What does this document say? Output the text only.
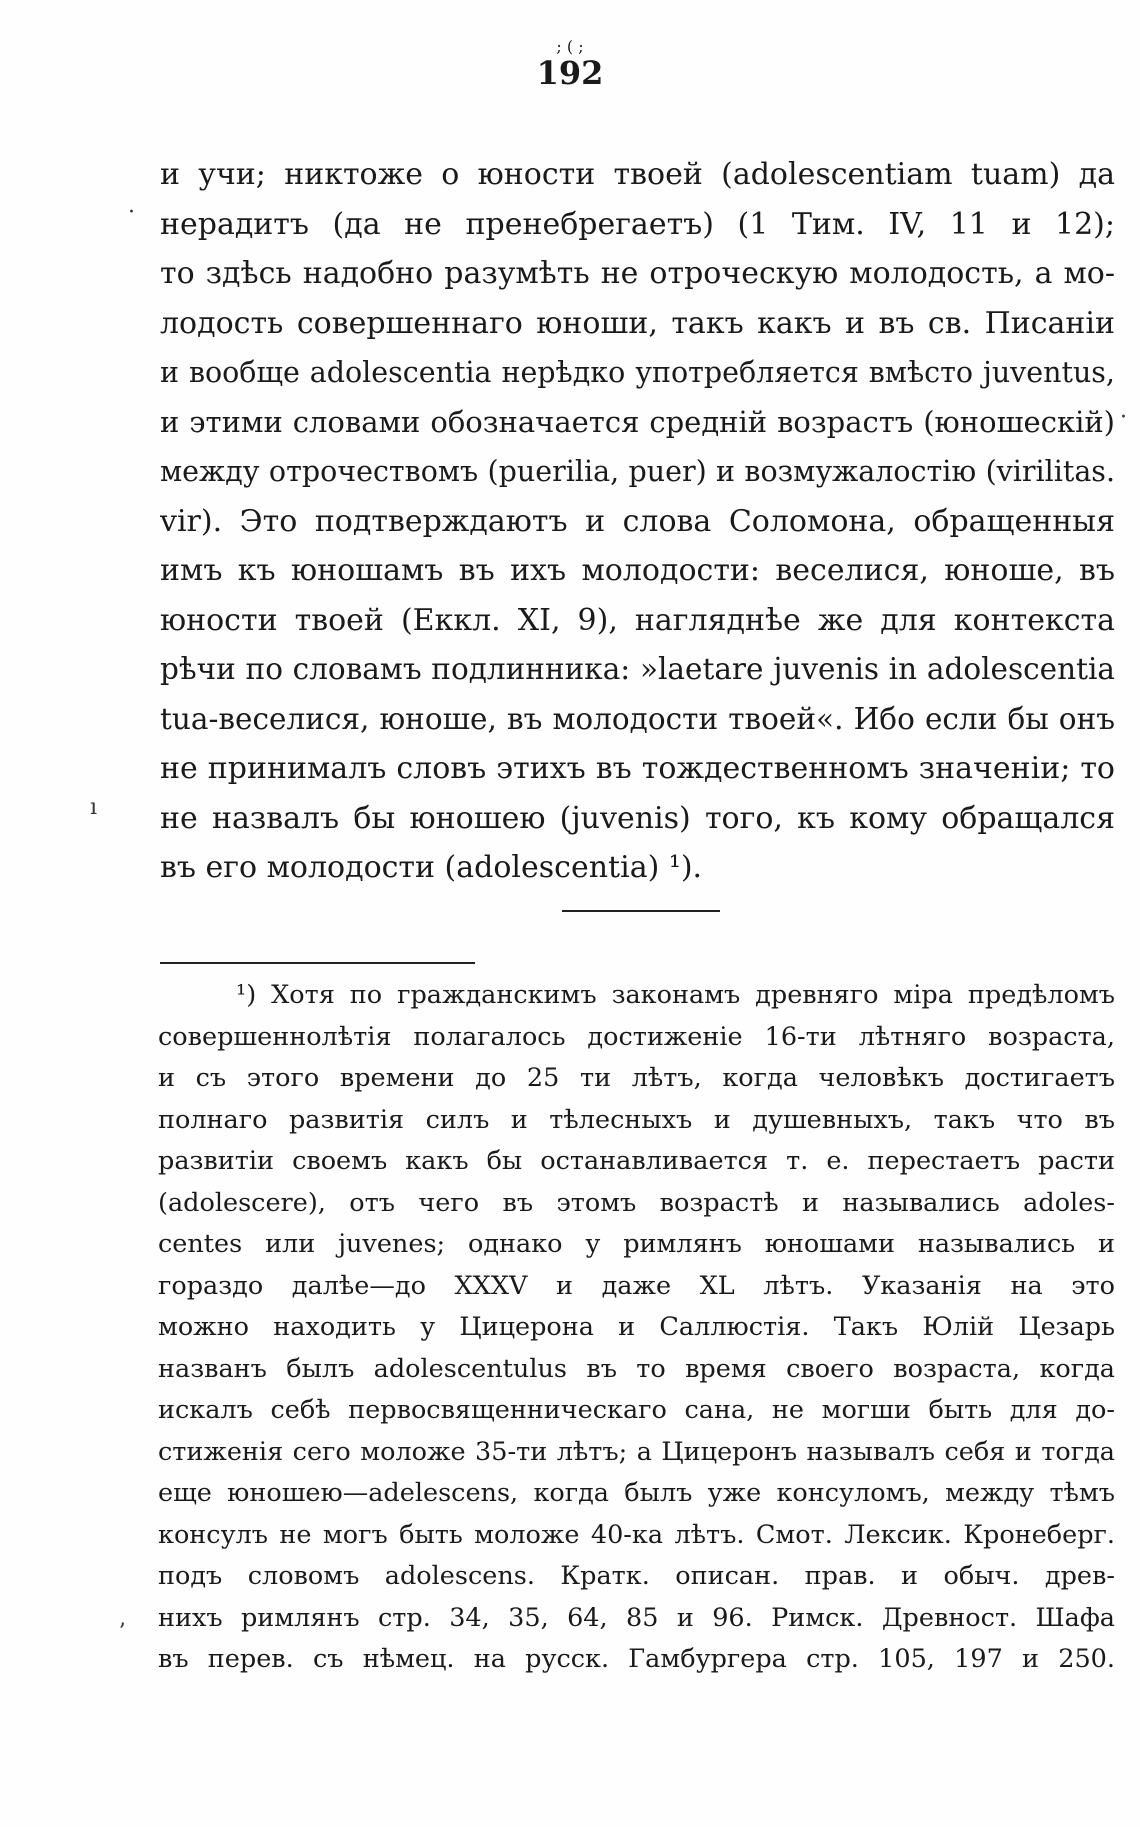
; ( ;
192
·
·
ı
ʼ
и учи; никтоже о юности твоей (adolescentiam tuam) да
нерадитъ (да не пренебрегаетъ) (1 Тим. IV, 11 и 12);
то здѣсь надобно разумѣть не отроческую молодость, а мо-
лодость совершеннаго юноши, такъ какъ и въ св. Писаніи
и вообще adolescentia нерѣдко употребляется вмѣсто juventus,
и этими словами обозначается средній возрастъ (юношескій)
между отрочествомъ (puerilia, puer) и возмужалостію (virilitas.
vir). Это подтверждаютъ и слова Соломона, обращенныя
имъ къ юношамъ въ ихъ молодости: веселися, юноше, въ
юности твоей (Еккл. XI, 9), нагляднѣе же для контекста
рѣчи по словамъ подлинника: »laetare juvenis in adolescentia
tua-веселися, юноше, въ молодости твоей«. Ибо если бы онъ
не принималъ словъ этихъ въ тождественномъ значеніи; то
не назвалъ бы юношею (juvenis) того, къ кому обращался
въ его молодости (adolescentia) ¹).
¹) Хотя по гражданскимъ законамъ древняго міра предѣломъ
совершеннолѣтія полагалось достиженіе 16-ти лѣтняго возраста,
и съ этого времени до 25 ти лѣтъ, когда человѣкъ достигаетъ
полнаго развитія силъ и тѣлесныхъ и душевныхъ, такъ что въ
развитіи своемъ какъ бы останавливается т. е. перестаетъ расти
(adolescere), отъ чего въ этомъ возрастѣ и назывались adoles-
centes или juvenes; однако у римлянъ юношами назывались и
гораздо далѣе—до XXXV и даже XL лѣтъ. Указанія на это
можно находить у Цицерона и Саллюстія. Такъ Юлій Цезарь
названъ былъ adolescentulus въ то время своего возраста, когда
искалъ себѣ первосвященническаго сана, не могши быть для до-
стиженія сего моложе 35-ти лѣтъ; а Цицеронъ называлъ себя и тогда
еще юношею—adelescens, когда былъ уже консуломъ, между тѣмъ
консулъ не могъ быть моложе 40-ка лѣтъ. Смот. Лексик. Кронеберг.
подъ словомъ adolescens. Кратк. описан. прав. и обыч. древ-
нихъ римлянъ стр. 34, 35, 64, 85 и 96. Римск. Древност. Шафа
въ перев. съ нѣмец. на русск. Гамбургера стр. 105, 197 и 250.
